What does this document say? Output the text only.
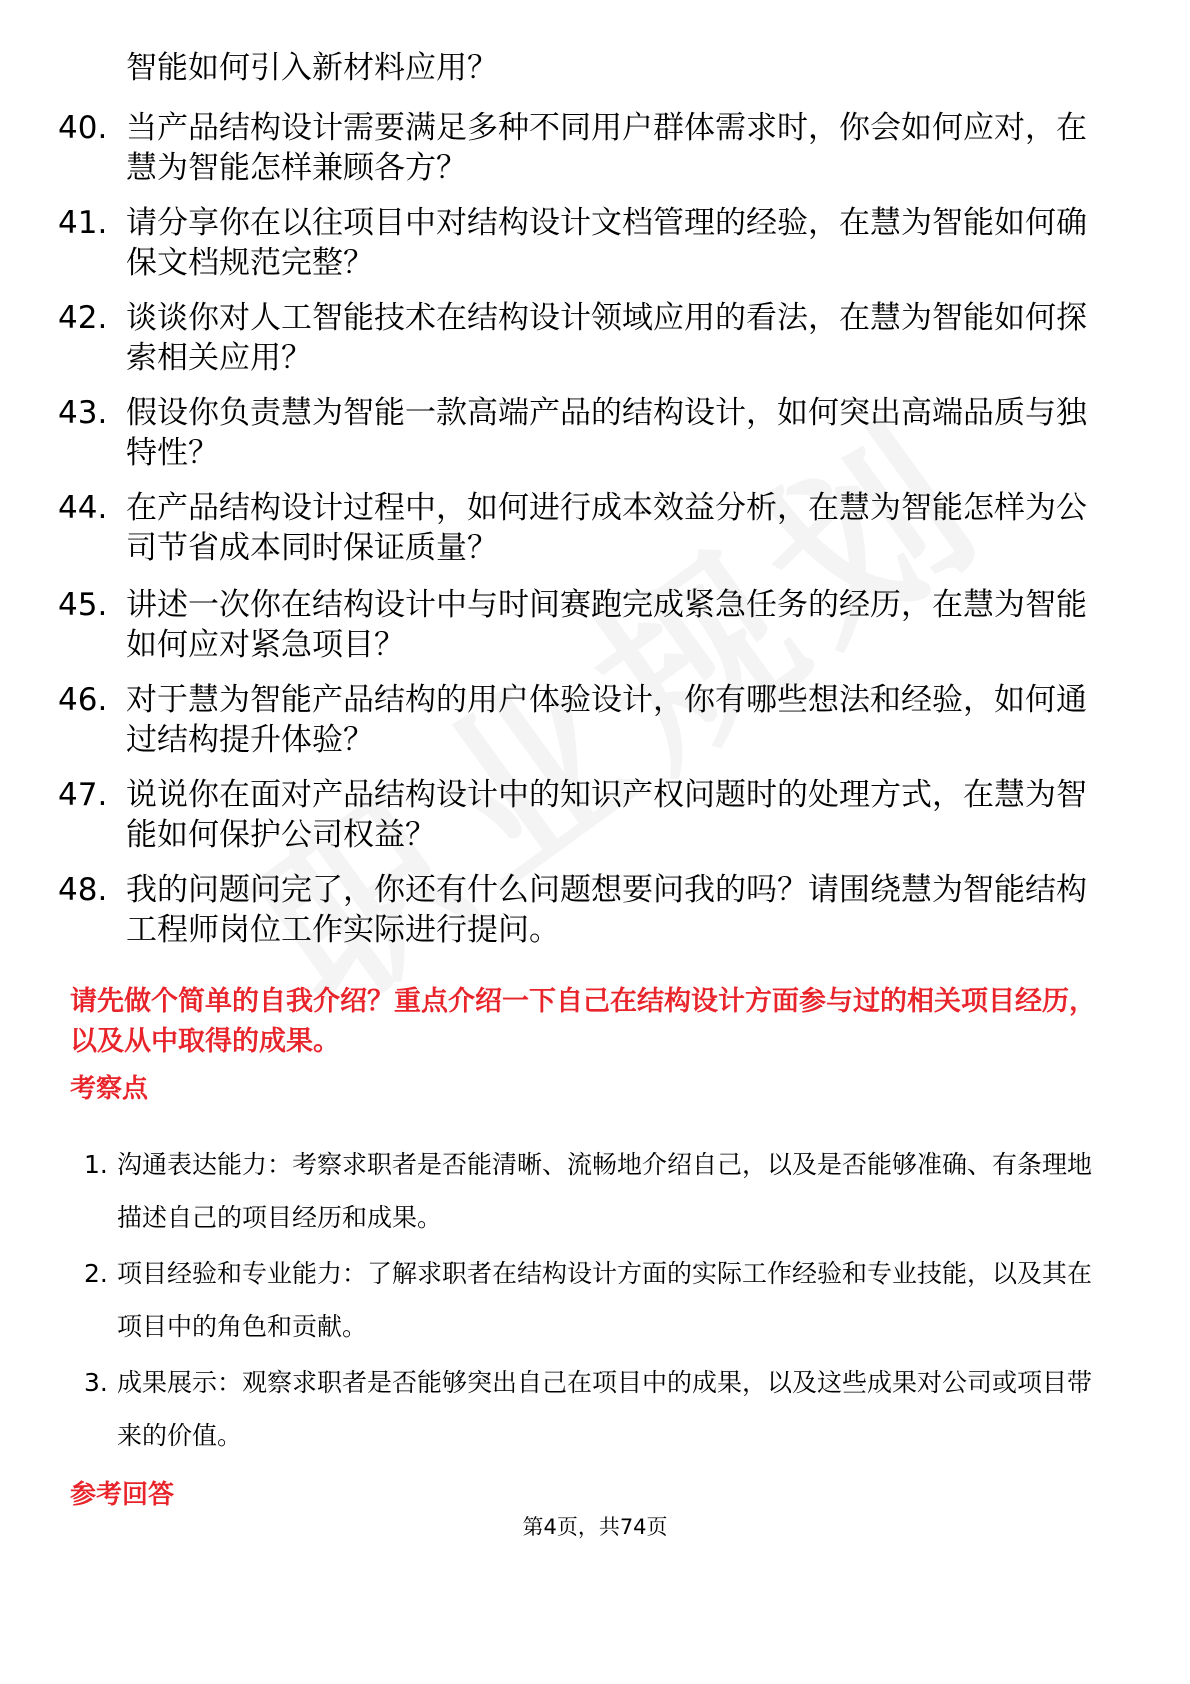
智能如何引入新材料应用？
40. 当产品结构设计需要满足多种不同用户群体需求时，你会如何应对，在慧为智能怎样兼顾各方？
41. 请分享你在以往项目中对结构设计文档管理的经验，在慧为智能如何确保文档规范完整？
42. 谈谈你对人工智能技术在结构设计领域应用的看法，在慧为智能如何探索相关应用？
43. 假设你负责慧为智能一款高端产品的结构设计，如何突出高端品质与独特性？
44. 在产品结构设计过程中，如何进行成本效益分析，在慧为智能怎样为公司节省成本同时保证质量？
45. 讲述一次你在结构设计中与时间赛跑完成紧急任务的经历，在慧为智能如何应对紧急项目？
46. 对于慧为智能产品结构的用户体验设计，你有哪些想法和经验，如何通过结构提升体验？
47. 说说你在面对产品结构设计中的知识产权问题时的处理方式，在慧为智能如何保护公司权益？
48. 我的问题问完了，你还有什么问题想要问我的吗？请围绕慧为智能结构工程师岗位工作实际进行提问。
请先做个简单的自我介绍？重点介绍一下自己在结构设计方面参与过的相关项目经历，以及从中取得的成果。
考察点
1. 沟通表达能力：考察求职者是否能清晰、流畅地介绍自己，以及是否能够准确、有条理地描述自己的项目经历和成果。
2. 项目经验和专业能力：了解求职者在结构设计方面的实际工作经验和专业技能，以及其在项目中的角色和贡献。
3. 成果展示：观察求职者是否能够突出自己在项目中的成果，以及这些成果对公司或项目带来的价值。
参考回答
第4页，共74页
